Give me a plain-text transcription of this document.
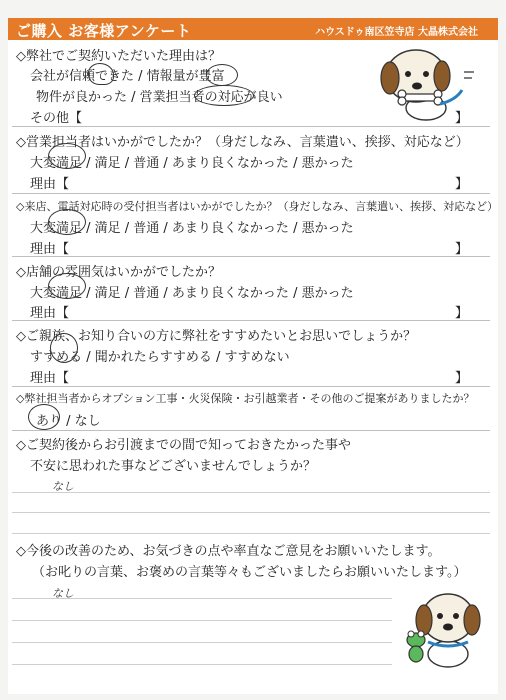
ご購入 お客様アンケート	ハウスドゥ南区笠寺店 大晶株式会社
◇弊社でご契約いただいた理由は？
会社が信頼できた / 情報量が豊富
物件が良かった / 営業担当者の対応が良い
その他【	】
◇営業担当者はいかがでしたか？（身だしなみ、言葉遣い、挨拶、対応など）
大変満足 / 満足 / 普通 / あまり良くなかった / 悪かった
理由【	】
◇来店、電話対応時の受付担当者はいかがでしたか？（身だしなみ、言葉遣い、挨拶、対応など）
大変満足 / 満足 / 普通 / あまり良くなかった / 悪かった
理由【	】
◇店舗の雰囲気はいかがでしたか？
大変満足 / 満足 / 普通 / あまり良くなかった / 悪かった
理由【	】
◇ご親族、お知り合いの方に弊社をすすめたいとお思いでしょうか？
すすめる / 聞かれたらすすめる / すすめない
理由【	】
◇弊社担当者からオプション工事・火災保険・お引越業者・その他のご提案がありましたか？
あり / なし
◇ご契約後からお引渡までの間で知っておきたかった事や
不安に思われた事などございませんでしょうか？
なし
◇今後の改善のため、お気づきの点や率直なご意見をお願いいたします。
（お叱りの言葉、お褒めの言葉等々もございましたらお願いいたします。）
なし
